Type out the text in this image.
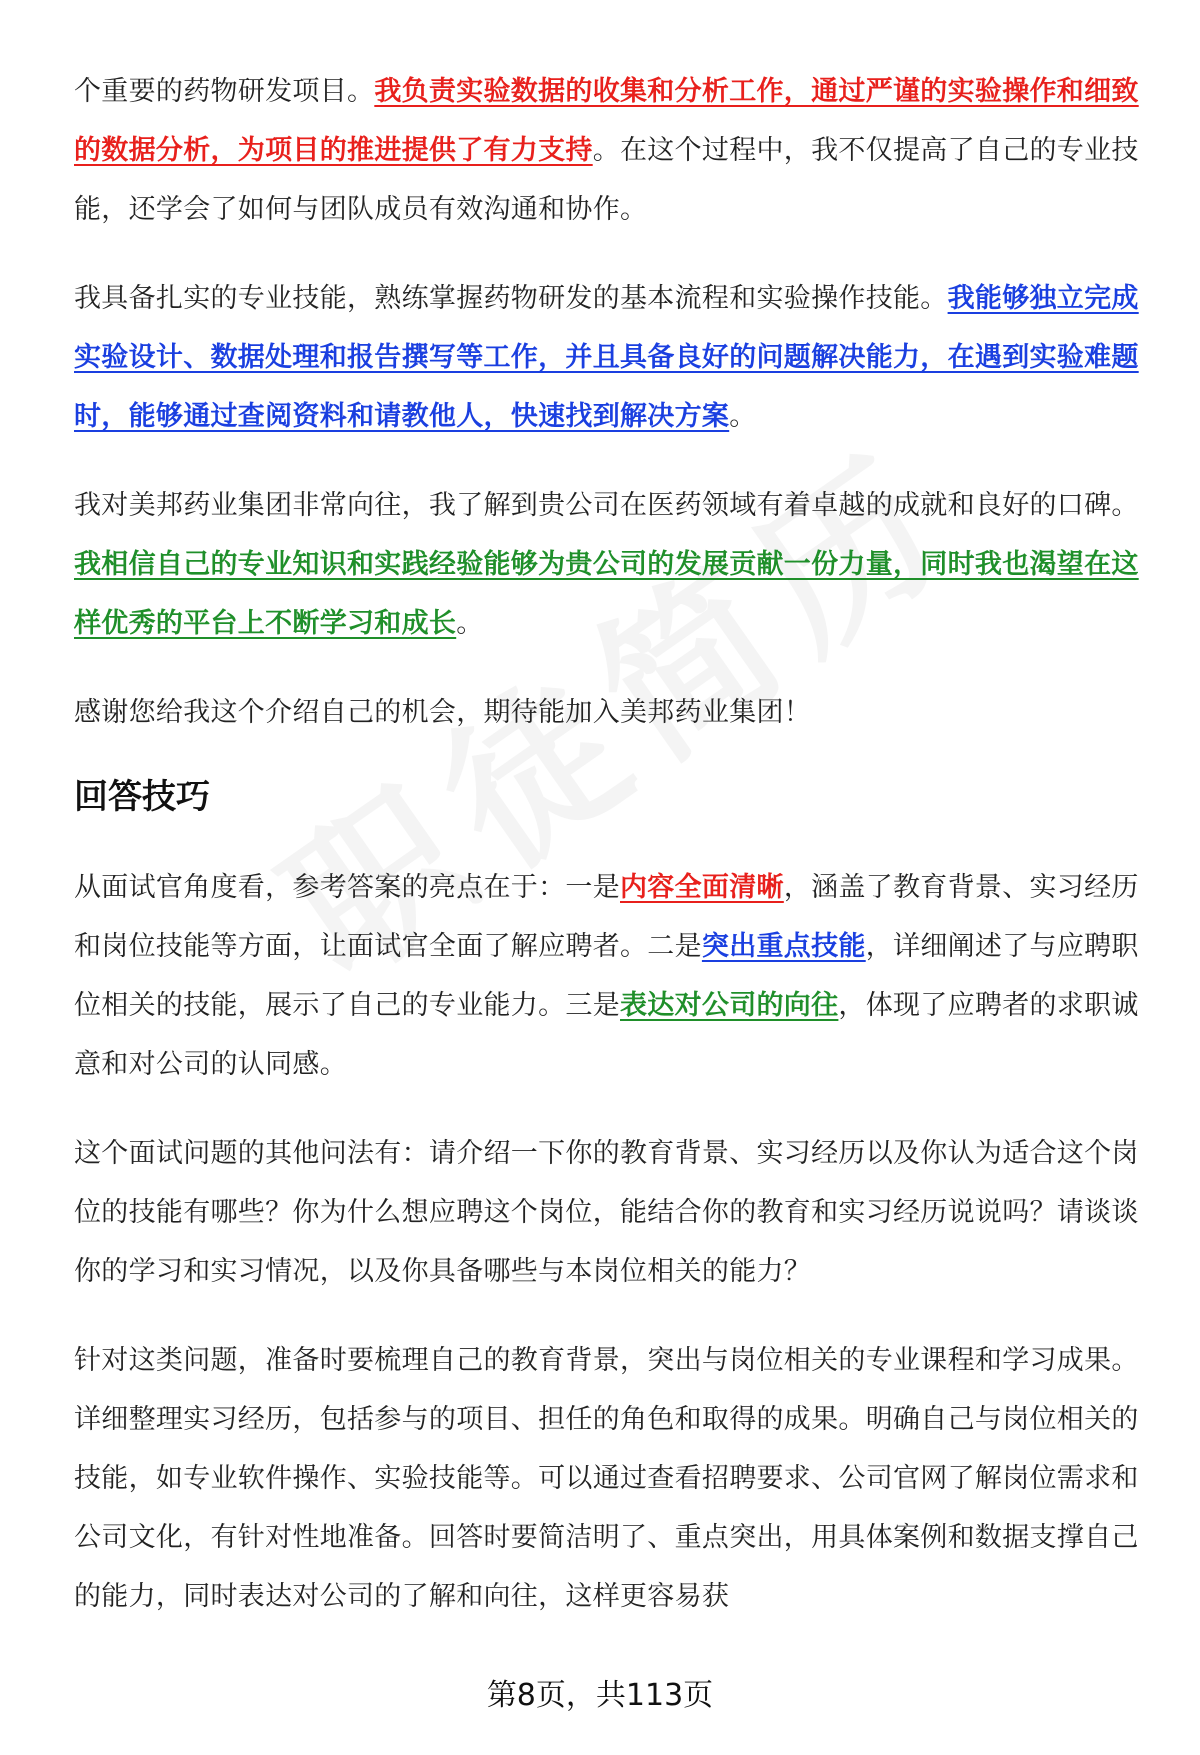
个重要的药物研发项目。我负责实验数据的收集和分析工作，通过严谨的实验操作和细致的数据分析，为项目的推进提供了有力支持。在这个过程中，我不仅提高了自己的专业技能，还学会了如何与团队成员有效沟通和协作。

我具备扎实的专业技能，熟练掌握药物研发的基本流程和实验操作技能。我能够独立完成实验设计、数据处理和报告撰写等工作，并且具备良好的问题解决能力，在遇到实验难题时，能够通过查阅资料和请教他人，快速找到解决方案。

我对美邦药业集团非常向往，我了解到贵公司在医药领域有着卓越的成就和良好的口碑。我相信自己的专业知识和实践经验能够为贵公司的发展贡献一份力量，同时我也渴望在这样优秀的平台上不断学习和成长。

感谢您给我这个介绍自己的机会，期待能加入美邦药业集团！

回答技巧

从面试官角度看，参考答案的亮点在于：一是内容全面清晰，涵盖了教育背景、实习经历和岗位技能等方面，让面试官全面了解应聘者。二是突出重点技能，详细阐述了与应聘职位相关的技能，展示了自己的专业能力。三是表达对公司的向往，体现了应聘者的求职诚意和对公司的认同感。

这个面试问题的其他问法有：请介绍一下你的教育背景、实习经历以及你认为适合这个岗位的技能有哪些？你为什么想应聘这个岗位，能结合你的教育和实习经历说说吗？请谈谈你的学习和实习情况，以及你具备哪些与本岗位相关的能力？

针对这类问题，准备时要梳理自己的教育背景，突出与岗位相关的专业课程和学习成果。详细整理实习经历，包括参与的项目、担任的角色和取得的成果。明确自己与岗位相关的技能，如专业软件操作、实验技能等。可以通过查看招聘要求、公司官网了解岗位需求和公司文化，有针对性地准备。回答时要简洁明了、重点突出，用具体案例和数据支撑自己的能力，同时表达对公司的了解和向往，这样更容易获

第8页，共113页
